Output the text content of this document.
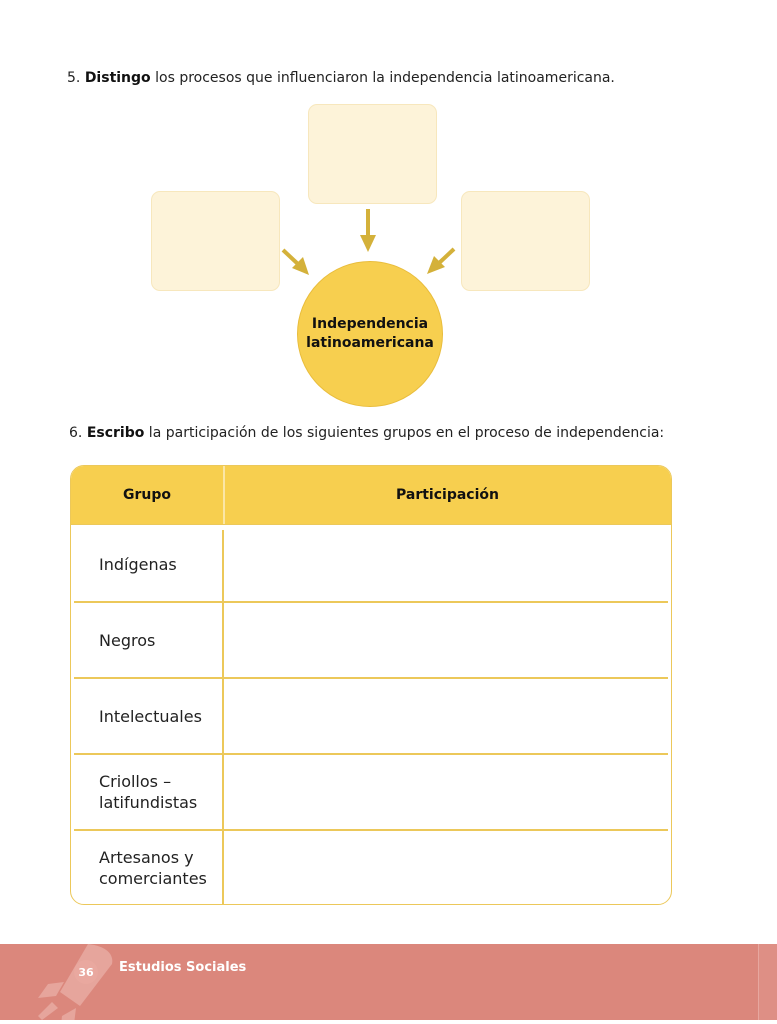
5. Distingo los procesos que influenciaron la independencia latinoamericana.
Independencia
latinoamericana
6. Escribo la participación de los siguientes grupos en el proceso de independencia:
Grupo	Participación
Indígenas
Negros
Intelectuales
Criollos –
latifundistas
Artesanos y
comerciantes
36	Estudios Sociales
